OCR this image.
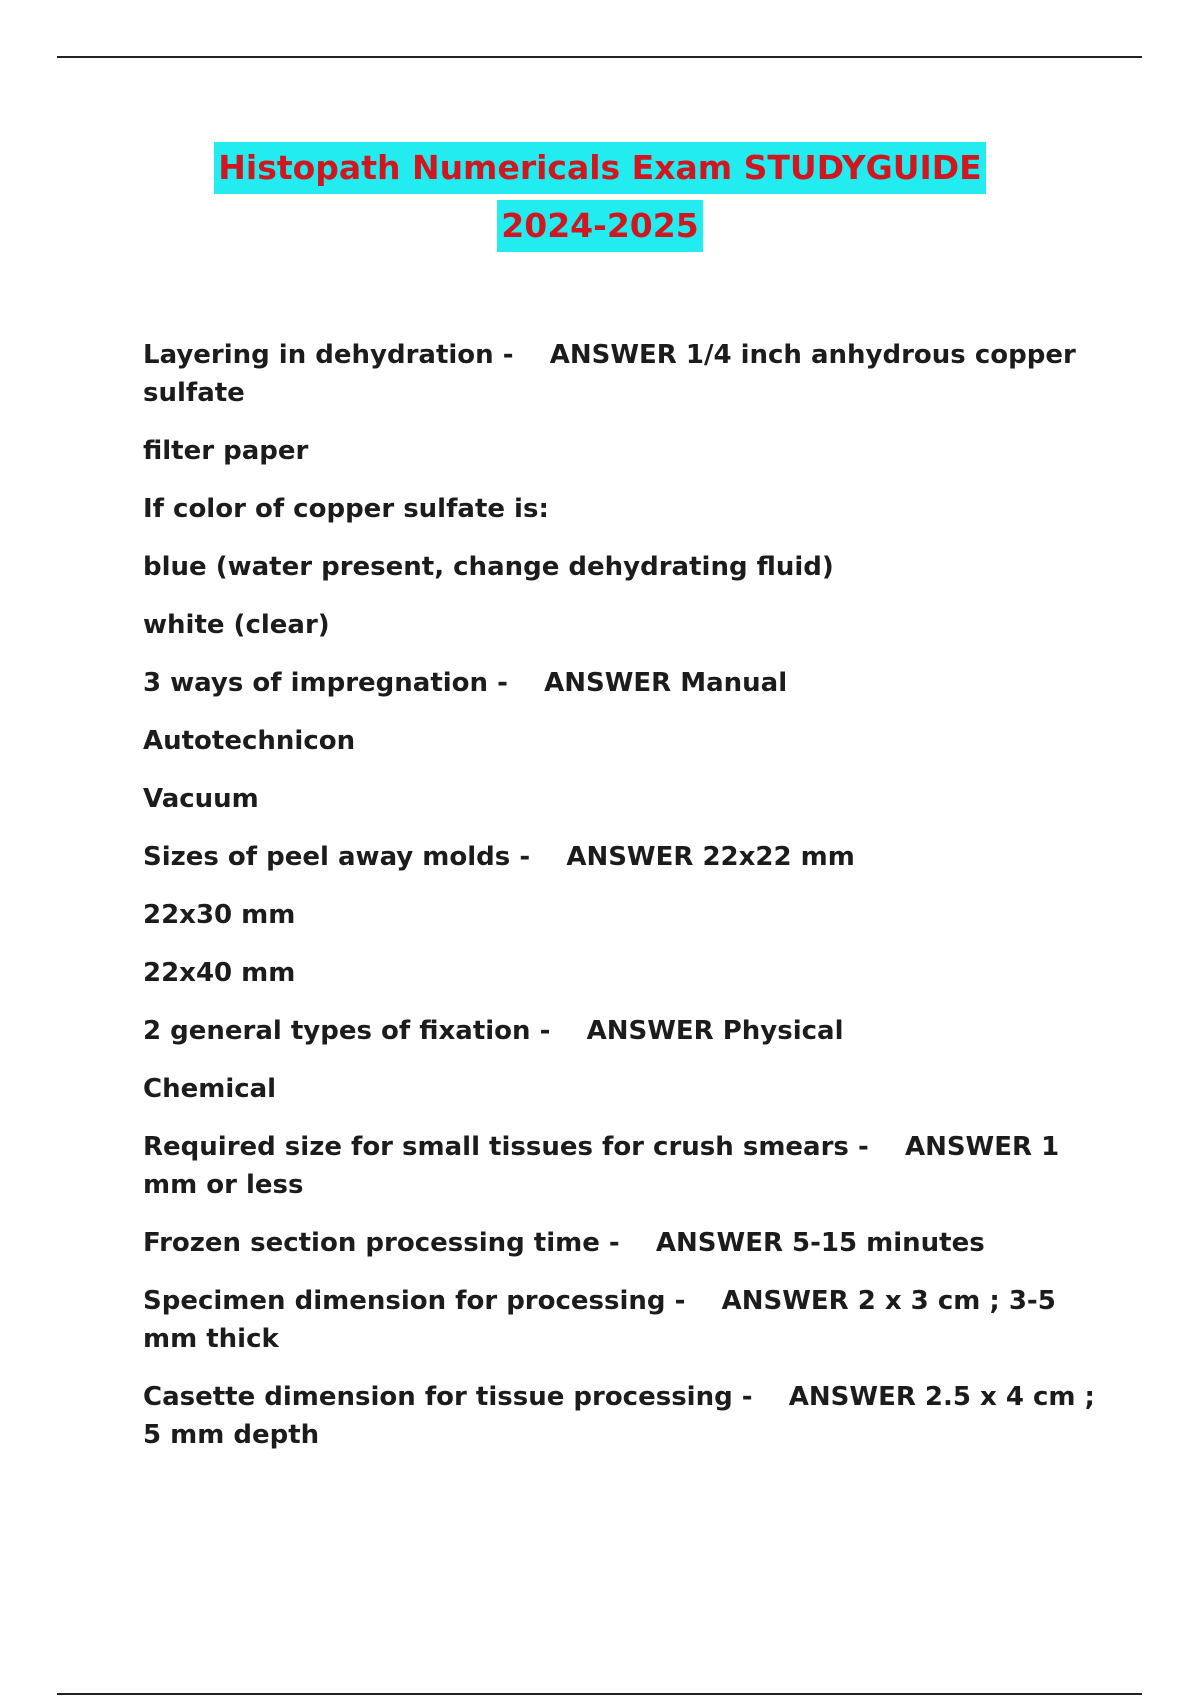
Histopath Numericals Exam STUDYGUIDE
2024-2025

Layering in dehydration -    ANSWER 1/4 inch anhydrous copper sulfate

filter paper

If color of copper sulfate is:

blue (water present, change dehydrating fluid)

white (clear)

3 ways of impregnation -    ANSWER Manual

Autotechnicon

Vacuum

Sizes of peel away molds -    ANSWER 22x22 mm

22x30 mm

22x40 mm

2 general types of fixation -    ANSWER Physical

Chemical

Required size for small tissues for crush smears -    ANSWER 1 mm or less

Frozen section processing time -    ANSWER 5-15 minutes

Specimen dimension for processing -    ANSWER 2 x 3 cm ; 3-5 mm thick

Casette dimension for tissue processing -    ANSWER 2.5 x 4 cm ; 5 mm depth
